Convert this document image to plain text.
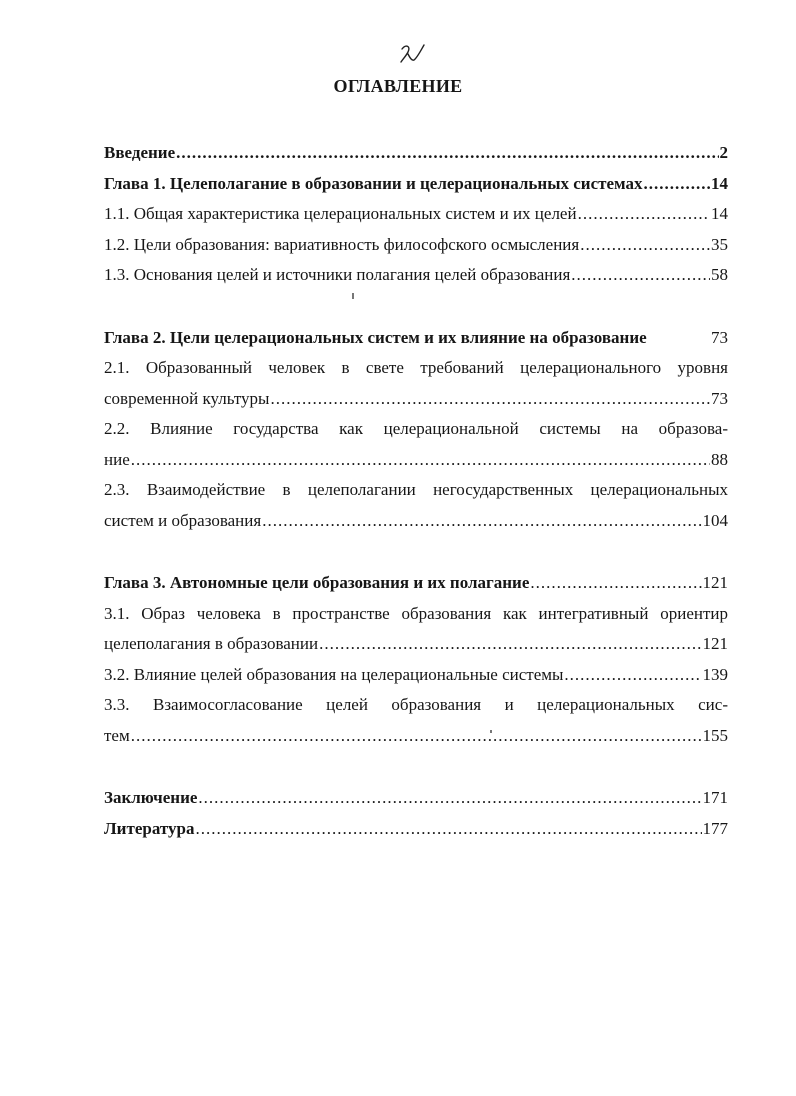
ОГЛАВЛЕНИЕ
Введение .....	2
Глава 1. Целеполагание в образовании и целерациональных системах .....	14
1.1. Общая характеристика целерациональных систем и их целей .....	14
1.2. Цели образования: вариативность философского осмысления .....	35
1.3. Основания целей и источники полагания целей образования .....	58
Глава 2. Цели целерациональных систем и их влияние на образование	73
2.1. Образованный человек в свете требований целерационального уровня
современной культуры .....	73
2.2. Влияние государства как целерациональной системы на образова-
ние .....	88
2.3. Взаимодействие в целеполагании негосударственных целерациональных
систем и образования .....	104
Глава 3. Автономные цели образования и их полагание .....	121
3.1. Образ человека в пространстве образования как интегративный ориентир
целеполагания в образовании .....	121
3.2. Влияние целей образования на целерациональные системы .....	139
3.3. Взаимосогласование целей образования и целерациональных сис-
тем .....	155
Заключение .....	171
Литература .....	177
